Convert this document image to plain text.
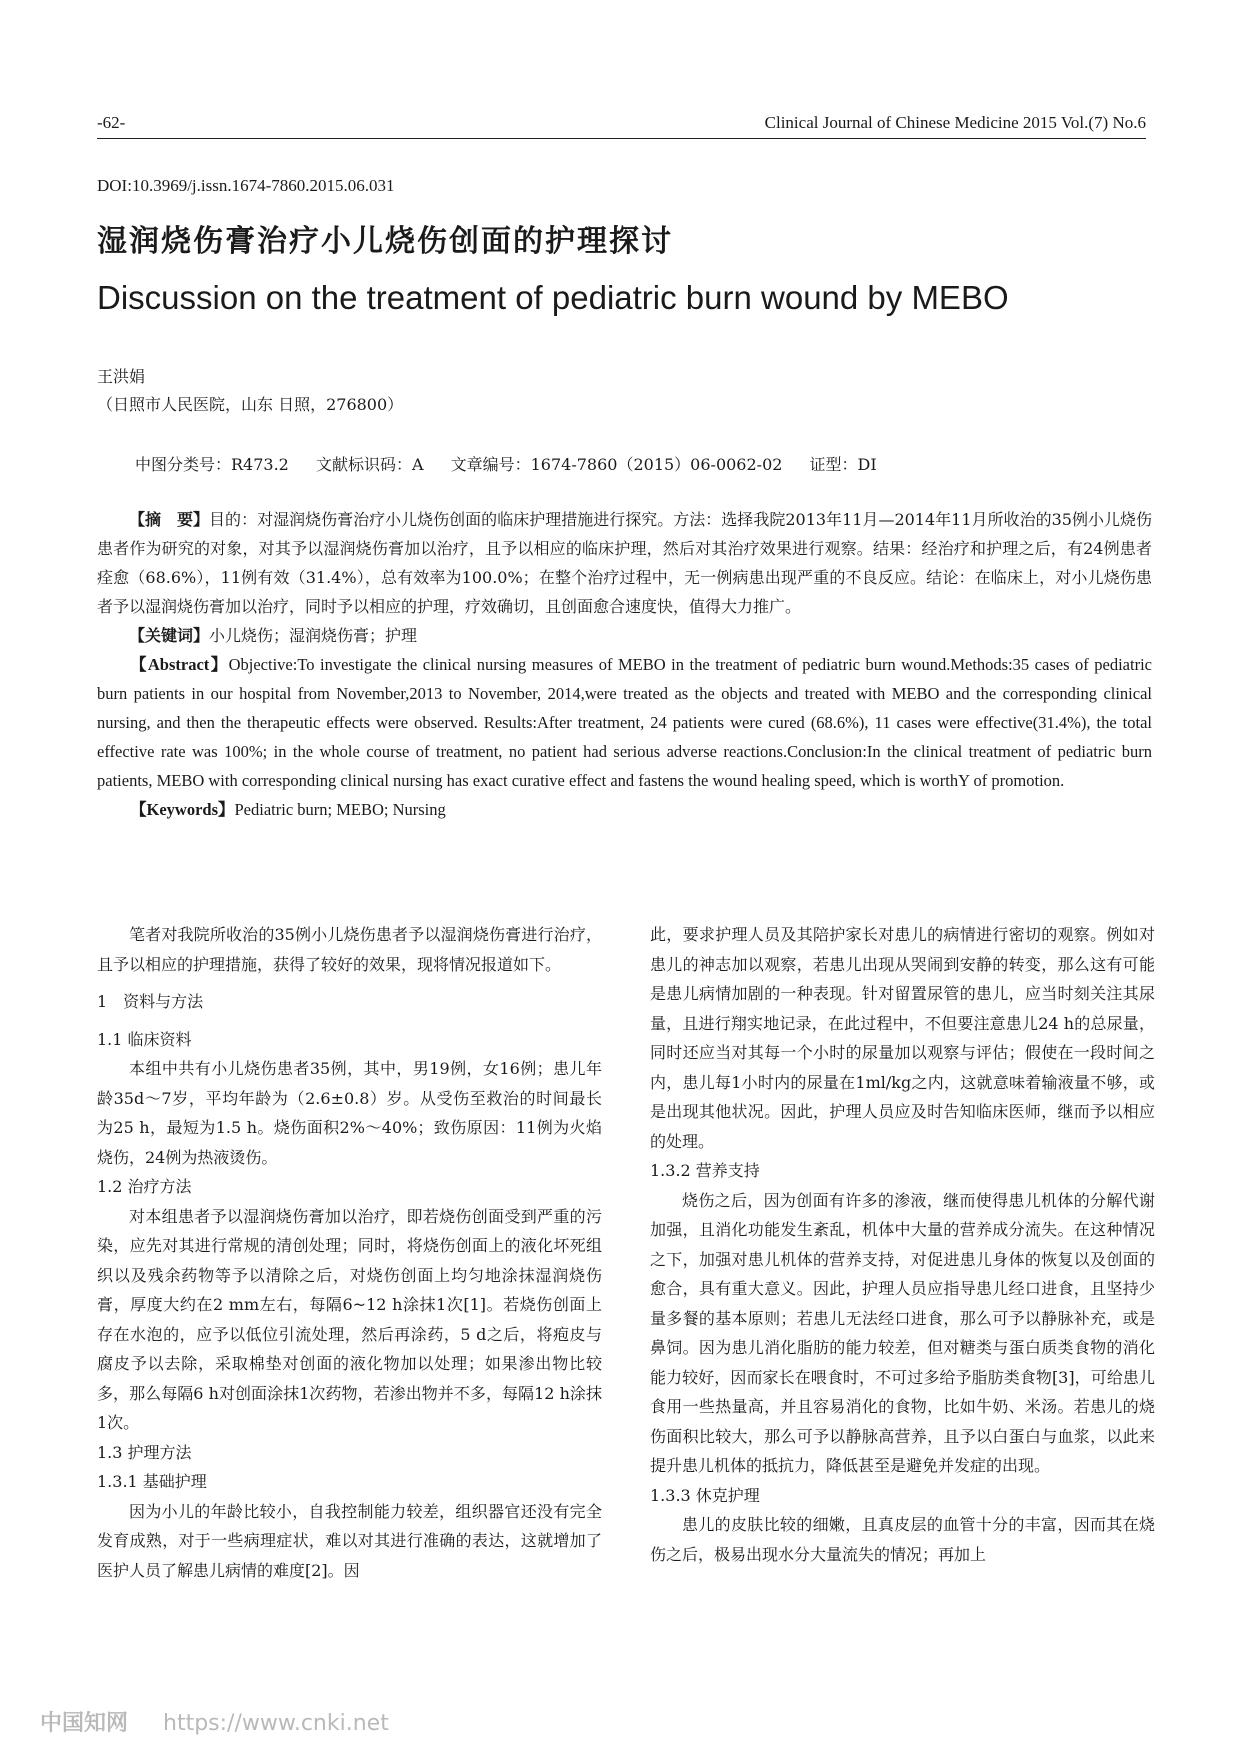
-62-	Clinical Journal of Chinese Medicine 2015 Vol.(7) No.6
DOI:10.3969/j.issn.1674-7860.2015.06.031
湿润烧伤膏治疗小儿烧伤创面的护理探讨
Discussion on the treatment of pediatric burn wound by MEBO
王洪娟
（日照市人民医院，山东 日照，276800）
中图分类号：R473.2 文献标识码：A 文章编号：1674-7860（2015）06-0062-02 证型：DI

【摘　要】目的：对湿润烧伤膏治疗小儿烧伤创面的临床护理措施进行探究。方法：选择我院2013年11月—2014年11月所收治的35例小儿烧伤患者作为研究的对象，对其予以湿润烧伤膏加以治疗，且予以相应的临床护理，然后对其治疗效果进行观察。结果：经治疗和护理之后，有24例患者痊愈（68.6%），11例有效（31.4%），总有效率为100.0%；在整个治疗过程中，无一例病患出现严重的不良反应。结论：在临床上，对小儿烧伤患者予以湿润烧伤膏加以治疗，同时予以相应的护理，疗效确切，且创面愈合速度快，值得大力推广。

【关键词】小儿烧伤；湿润烧伤膏；护理

【Abstract】Objective:To investigate the clinical nursing measures of MEBO in the treatment of pediatric burn wound.Methods:35 cases of pediatric burn patients in our hospital from November,2013 to November, 2014,were treated as the objects and treated with MEBO and the corresponding clinical nursing, and then the therapeutic effects were observed. Results:After treatment, 24 patients were cured (68.6%), 11 cases were effective(31.4%), the total effective rate was 100%; in the whole course of treatment, no patient had serious adverse reactions.Conclusion:In the clinical treatment of pediatric burn patients, MEBO with corresponding clinical nursing has exact curative effect and fastens the wound healing speed, which is worthY of promotion.

【Keywords】Pediatric burn; MEBO; Nursing

笔者对我院所收治的35例小儿烧伤患者予以湿润烧伤膏进行治疗，且予以相应的护理措施，获得了较好的效果，现将情况报道如下。

1　资料与方法

1.1 临床资料

本组中共有小儿烧伤患者35例，其中，男19例，女16例；患儿年龄35d～7岁，平均年龄为（2.6±0.8）岁。从受伤至救治的时间最长为25 h，最短为1.5 h。烧伤面积2%～40%；致伤原因：11例为火焰烧伤，24例为热液烫伤。

1.2 治疗方法

对本组患者予以湿润烧伤膏加以治疗，即若烧伤创面受到严重的污染，应先对其进行常规的清创处理；同时，将烧伤创面上的液化坏死组织以及残余药物等予以清除之后，对烧伤创面上均匀地涂抹湿润烧伤膏，厚度大约在2 mm左右，每隔6~12 h涂抹1次[1]。若烧伤创面上存在水泡的，应予以低位引流处理，然后再涂药，5 d之后，将疱皮与腐皮予以去除，采取棉垫对创面的液化物加以处理；如果渗出物比较多，那么每隔6 h对创面涂抹1次药物，若渗出物并不多，每隔12 h涂抹1次。

1.3 护理方法

1.3.1 基础护理

因为小儿的年龄比较小，自我控制能力较差，组织器官还没有完全发育成熟，对于一些病理症状，难以对其进行准确的表达，这就增加了医护人员了解患儿病情的难度[2]。因

此，要求护理人员及其陪护家长对患儿的病情进行密切的观察。例如对患儿的神志加以观察，若患儿出现从哭闹到安静的转变，那么这有可能是患儿病情加剧的一种表现。针对留置尿管的患儿，应当时刻关注其尿量，且进行翔实地记录，在此过程中，不但要注意患儿24 h的总尿量，同时还应当对其每一个小时的尿量加以观察与评估；假使在一段时间之内，患儿每1小时内的尿量在1ml/kg之内，这就意味着输液量不够，或是出现其他状况。因此，护理人员应及时告知临床医师，继而予以相应的处理。

1.3.2 营养支持

烧伤之后，因为创面有许多的渗液，继而使得患儿机体的分解代谢加强，且消化功能发生紊乱，机体中大量的营养成分流失。在这种情况之下，加强对患儿机体的营养支持，对促进患儿身体的恢复以及创面的愈合，具有重大意义。因此，护理人员应指导患儿经口进食，且坚持少量多餐的基本原则；若患儿无法经口进食，那么可予以静脉补充，或是鼻饲。因为患儿消化脂肪的能力较差，但对糖类与蛋白质类食物的消化能力较好，因而家长在喂食时，不可过多给予脂肪类食物[3]，可给患儿食用一些热量高，并且容易消化的食物，比如牛奶、米汤。若患儿的烧伤面积比较大，那么可予以静脉高营养，且予以白蛋白与血浆，以此来提升患儿机体的抵抗力，降低甚至是避免并发症的出现。

1.3.3 休克护理

患儿的皮肤比较的细嫩，且真皮层的血管十分的丰富，因而其在烧伤之后，极易出现水分大量流失的情况；再加上

中国知网 https://www.cnki.net
